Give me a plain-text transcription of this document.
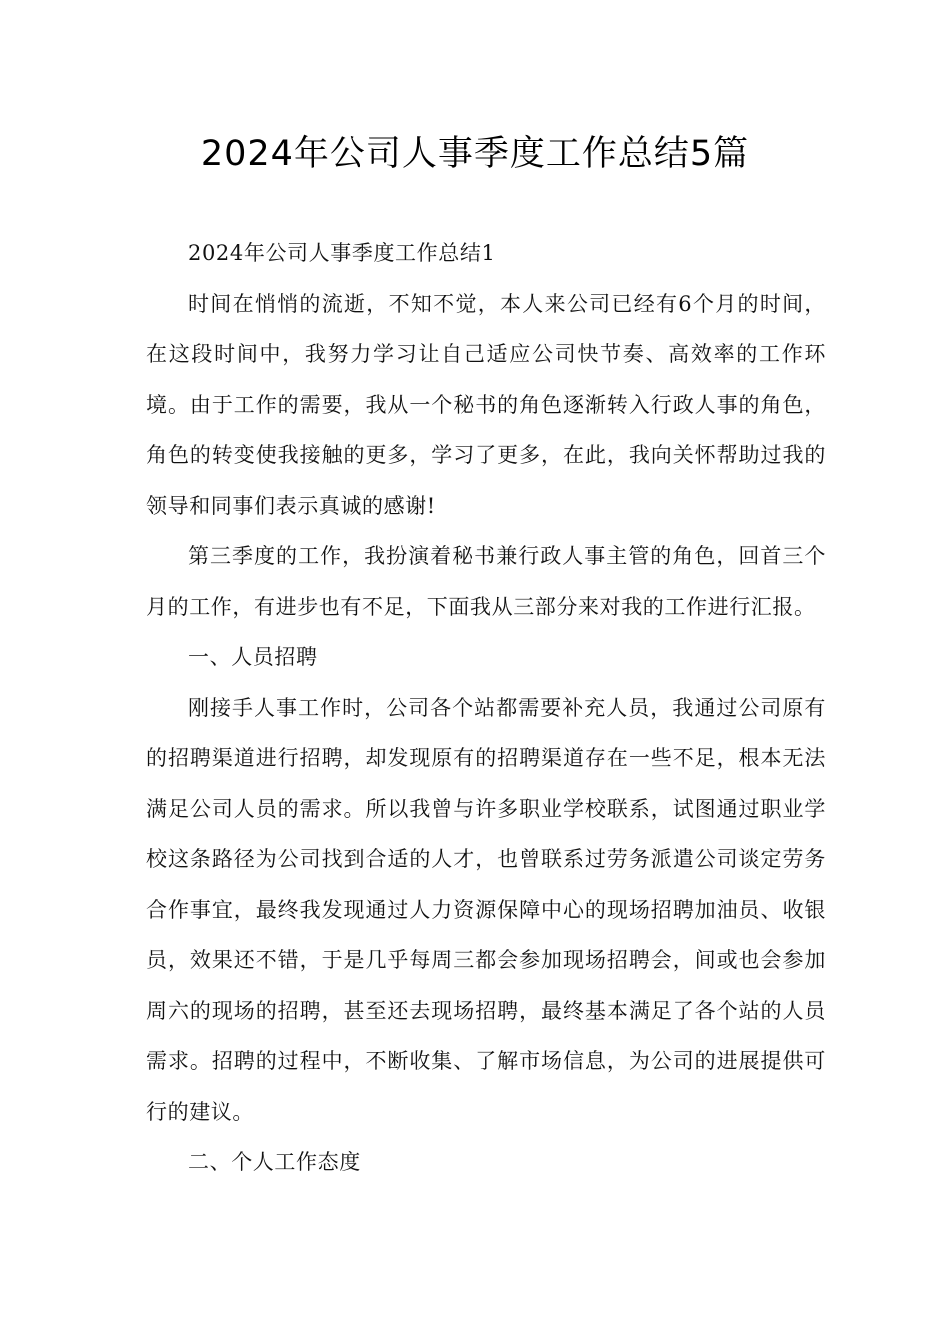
2024年公司人事季度工作总结5篇

2024年公司人事季度工作总结1

时间在悄悄的流逝，不知不觉，本人来公司已经有6个月的时间，在这段时间中，我努力学习让自己适应公司快节奏、高效率的工作环境。由于工作的需要，我从一个秘书的角色逐渐转入行政人事的角色，角色的转变使我接触的更多，学习了更多，在此，我向关怀帮助过我的领导和同事们表示真诚的感谢!

第三季度的工作，我扮演着秘书兼行政人事主管的角色，回首三个月的工作，有进步也有不足，下面我从三部分来对我的工作进行汇报。

一、人员招聘

刚接手人事工作时，公司各个站都需要补充人员，我通过公司原有的招聘渠道进行招聘，却发现原有的招聘渠道存在一些不足，根本无法满足公司人员的需求。所以我曾与许多职业学校联系，试图通过职业学校这条路径为公司找到合适的人才，也曾联系过劳务派遣公司谈定劳务合作事宜，最终我发现通过人力资源保障中心的现场招聘加油员、收银员，效果还不错，于是几乎每周三都会参加现场招聘会，间或也会参加周六的现场的招聘，甚至还去现场招聘，最终基本满足了各个站的人员需求。招聘的过程中，不断收集、了解市场信息，为公司的进展提供可行的建议。

二、个人工作态度
